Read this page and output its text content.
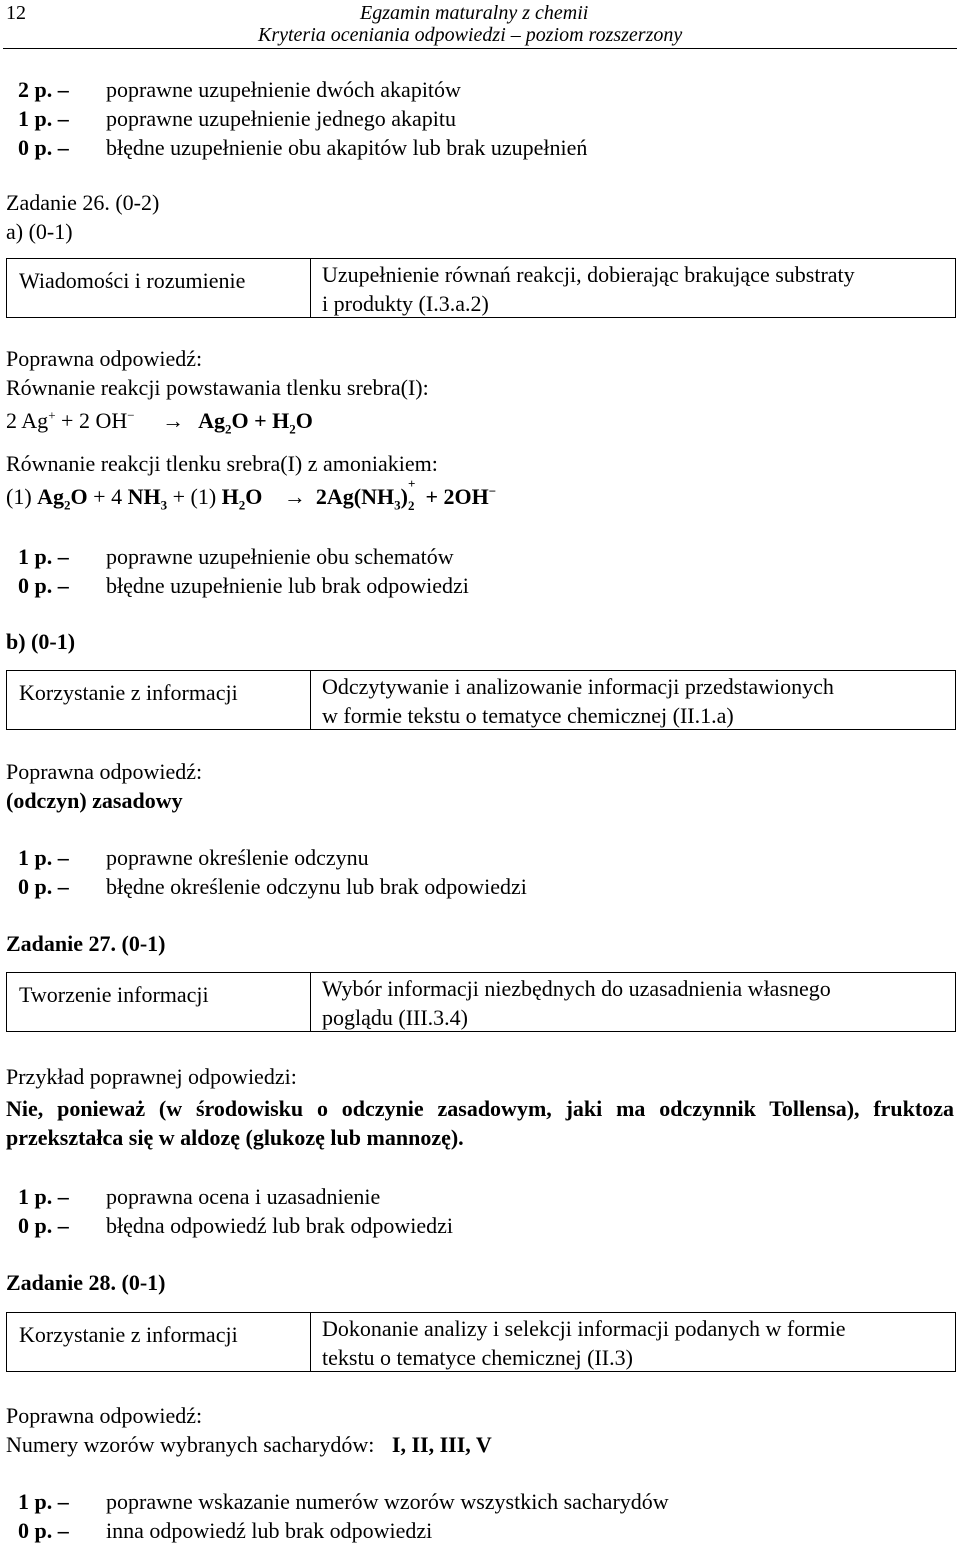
12	Egzamin maturalny z chemii
Kryteria oceniania odpowiedzi – poziom rozszerzony
2 p. – poprawne uzupełnienie dwóch akapitów
1 p. – poprawne uzupełnienie jednego akapitu
0 p. – błędne uzupełnienie obu akapitów lub brak uzupełnień
Zadanie 26. (0-2)
a) (0-1)
Wiadomości i rozumienie	Uzupełnienie równań reakcji, dobierając brakujące substraty
i produkty (I.3.a.2)
Poprawna odpowiedź:
Równanie reakcji powstawania tlenku srebra(I):
2 Ag+ + 2 $OH^- \to Ag_2O + H_2O$
Równanie reakcji tlenku srebra(I) z amoniakiem:
(1) $Ag_2O + 4$ $NH_3 + (1) H_2O \to 2Ag(NH_3)$
+
2 + 2OH−
1 p. – poprawne uzupełnienie obu schematów
0 p. – błędne uzupełnienie lub brak odpowiedzi
b) (0-1)
Korzystanie z informacji	Odczytywanie i analizowanie informacji przedstawionych
w formie tekstu o tematyce chemicznej (II.1.a)
Poprawna odpowiedź:
(odczyn) zasadowy
1 p. – poprawne określenie odczynu
0 p. – błędne określenie odczynu lub brak odpowiedzi
Zadanie 27. (0-1)
Tworzenie informacji	Wybór informacji niezbędnych do uzasadnienia własnego
poglądu (III.3.4)
Przykład poprawnej odpowiedzi:
Nie, ponieważ (w środowisku o odczynie zasadowym, jaki ma odczynnik Tollensa), fruktoza przekształca się w aldozę (glukozę lub mannozę).
1 p. – poprawna ocena i uzasadnienie
0 p. – błędna odpowiedź lub brak odpowiedzi
Zadanie 28. (0-1)
Korzystanie z informacji	Dokonanie analizy i selekcji informacji podanych w formie
tekstu o tematyce chemicznej (II.3)
Poprawna odpowiedź:
Numery wzorów wybranych sacharydów: I, II, III, V
1 p. – poprawne wskazanie numerów wzorów wszystkich sacharydów
0 p. – inna odpowiedź lub brak odpowiedzi
